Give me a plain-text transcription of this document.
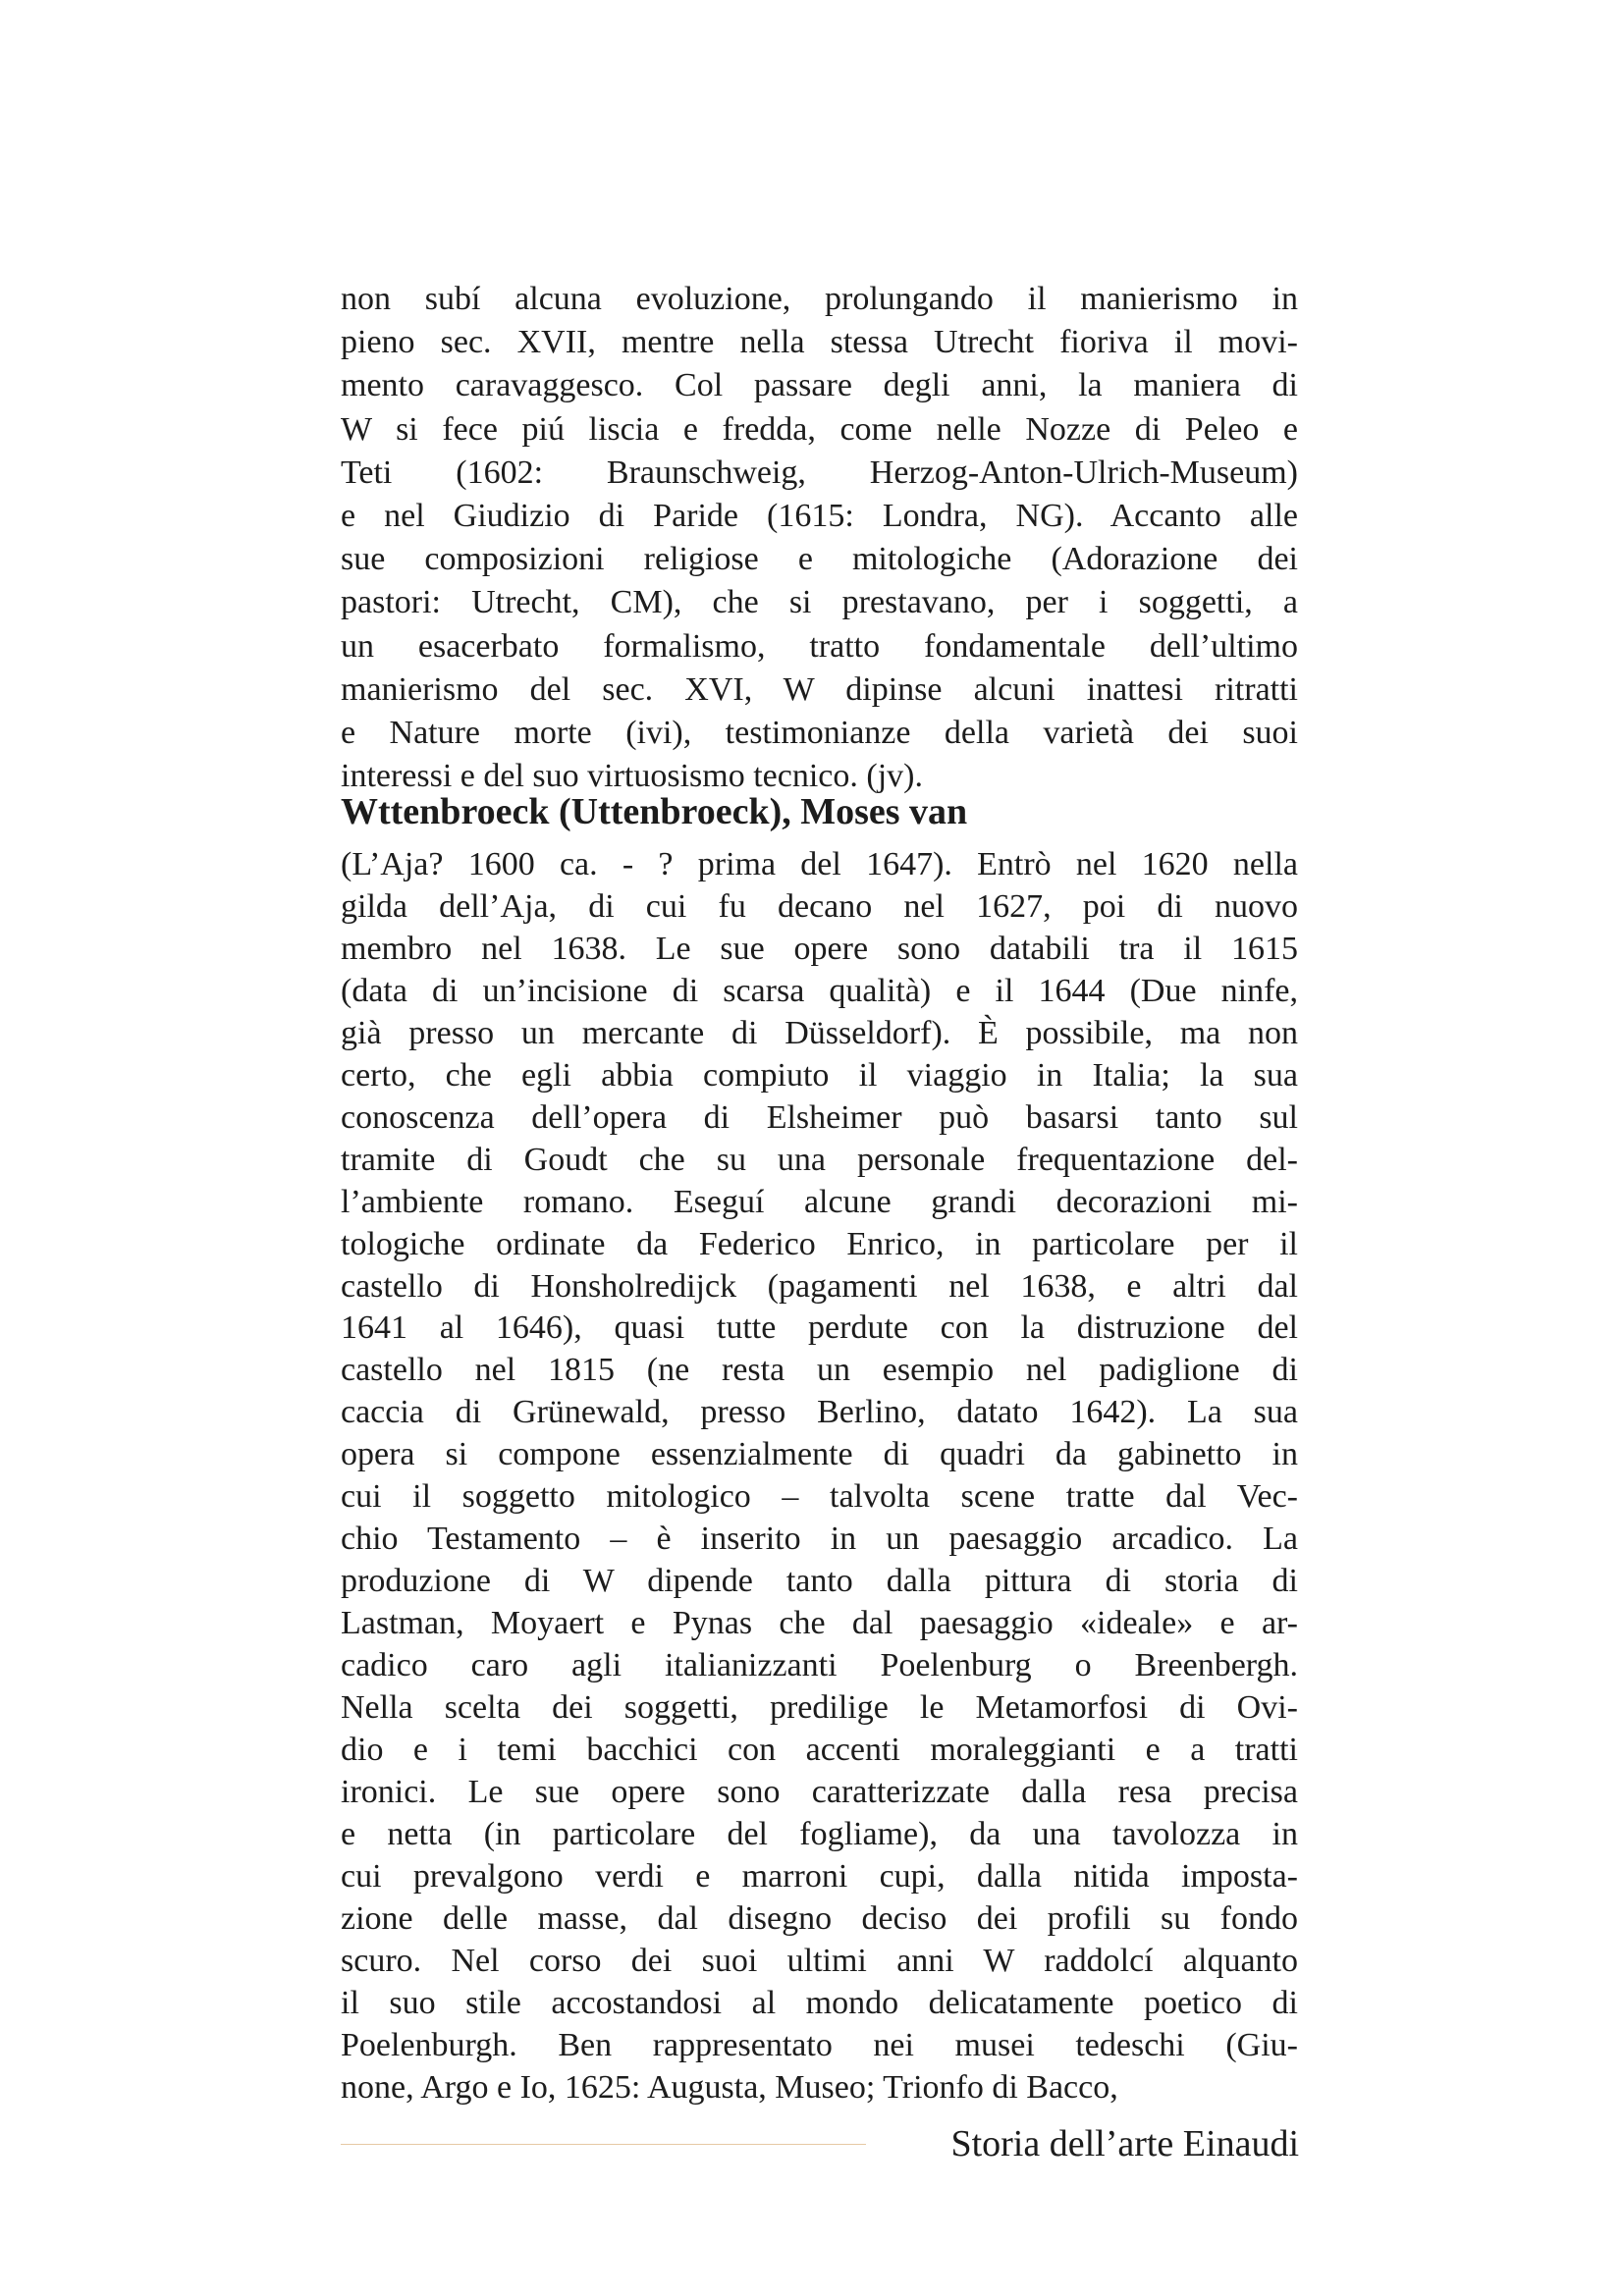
non subí alcuna evoluzione, prolungando il manierismo in
pieno sec. XVII, mentre nella stessa Utrecht fioriva il movi-
mento caravaggesco. Col passare degli anni, la maniera di
W si fece piú liscia e fredda, come nelle Nozze di Peleo e
Teti (1602: Braunschweig, Herzog-Anton-Ulrich-Museum)
e nel Giudizio di Paride (1615: Londra, NG). Accanto alle
sue composizioni religiose e mitologiche (Adorazione dei
pastori: Utrecht, CM), che si prestavano, per i soggetti, a
un esacerbato formalismo, tratto fondamentale dell’ultimo
manierismo del sec. XVI, W dipinse alcuni inattesi ritratti
e Nature morte (ivi), testimonianze della varietà dei suoi
interessi e del suo virtuosismo tecnico. (jv).
Wttenbroeck (Uttenbroeck), Moses van
(L’Aja? 1600 ca. - ? prima del 1647). Entrò nel 1620 nella
gilda dell’Aja, di cui fu decano nel 1627, poi di nuovo
membro nel 1638. Le sue opere sono databili tra il 1615
(data di un’incisione di scarsa qualità) e il 1644 (Due ninfe,
già presso un mercante di Düsseldorf). È possibile, ma non
certo, che egli abbia compiuto il viaggio in Italia; la sua
conoscenza dell’opera di Elsheimer può basarsi tanto sul
tramite di Goudt che su una personale frequentazione del-
l’ambiente romano. Eseguí alcune grandi decorazioni mi-
tologiche ordinate da Federico Enrico, in particolare per il
castello di Honsholredijck (pagamenti nel 1638, e altri dal
1641 al 1646), quasi tutte perdute con la distruzione del
castello nel 1815 (ne resta un esempio nel padiglione di
caccia di Grünewald, presso Berlino, datato 1642). La sua
opera si compone essenzialmente di quadri da gabinetto in
cui il soggetto mitologico – talvolta scene tratte dal Vec-
chio Testamento – è inserito in un paesaggio arcadico. La
produzione di W dipende tanto dalla pittura di storia di
Lastman, Moyaert e Pynas che dal paesaggio «ideale» e ar-
cadico caro agli italianizzanti Poelenburg o Breenbergh.
Nella scelta dei soggetti, predilige le Metamorfosi di Ovi-
dio e i temi bacchici con accenti moraleggianti e a tratti
ironici. Le sue opere sono caratterizzate dalla resa precisa
e netta (in particolare del fogliame), da una tavolozza in
cui prevalgono verdi e marroni cupi, dalla nitida imposta-
zione delle masse, dal disegno deciso dei profili su fondo
scuro. Nel corso dei suoi ultimi anni W raddolcí alquanto
il suo stile accostandosi al mondo delicatamente poetico di
Poelenburgh. Ben rappresentato nei musei tedeschi (Giu-
none, Argo e Io, 1625: Augusta, Museo; Trionfo di Bacco,
Storia dell’arte Einaudi
